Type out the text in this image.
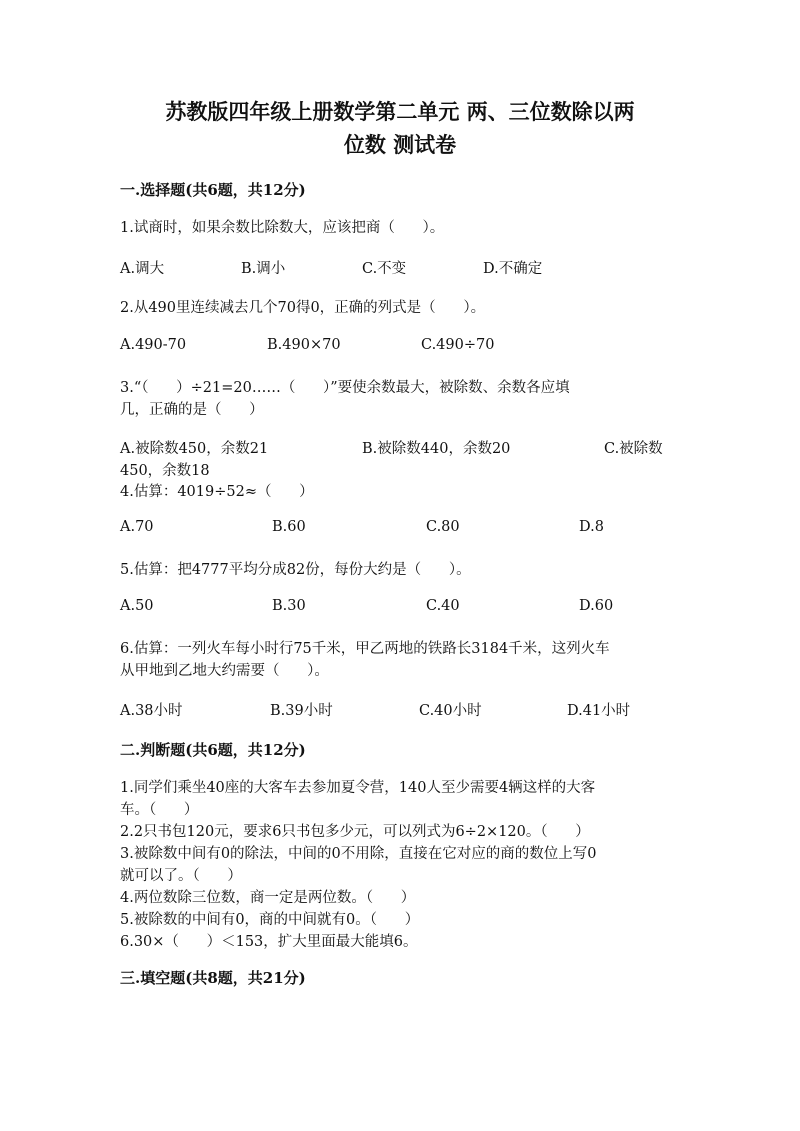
苏教版四年级上册数学第二单元 两、三位数除以两
位数 测试卷
一.选择题(共6题，共12分)
1.试商时，如果余数比除数大，应该把商（      ）。
A.调大	B.调小	C.不变	D.不确定
2.从490里连续减去几个70得0，正确的列式是（      ）。
A.490-70	B.490×70	C.490÷70
3.“（      ）÷21=20……（      ）”要使余数最大，被除数、余数各应填
几，正确的是（      ）
A.被除数450，余数21	B.被除数440，余数20	C.被除数
450，余数18
4.估算：4019÷52≈（      ）
A.70	B.60	C.80	D.8
5.估算：把4777平均分成82份，每份大约是（      ）。
A.50	B.30	C.40	D.60
6.估算：一列火车每小时行75千米，甲乙两地的铁路长3184千米，这列火车
从甲地到乙地大约需要（      ）。
A.38小时	B.39小时	C.40小时	D.41小时
二.判断题(共6题，共12分)
1.同学们乘坐40座的大客车去参加夏令营，140人至少需要4辆这样的大客
车。（      ）
2.2只书包120元，要求6只书包多少元，可以列式为6÷2×120。（      ）
3.被除数中间有0的除法，中间的0不用除，直接在它对应的商的数位上写0
就可以了。（      ）
4.两位数除三位数，商一定是两位数。（      ）
5.被除数的中间有0，商的中间就有0。（      ）
6.30×（      ）＜153，扩大里面最大能填6。
三.填空题(共8题，共21分)
